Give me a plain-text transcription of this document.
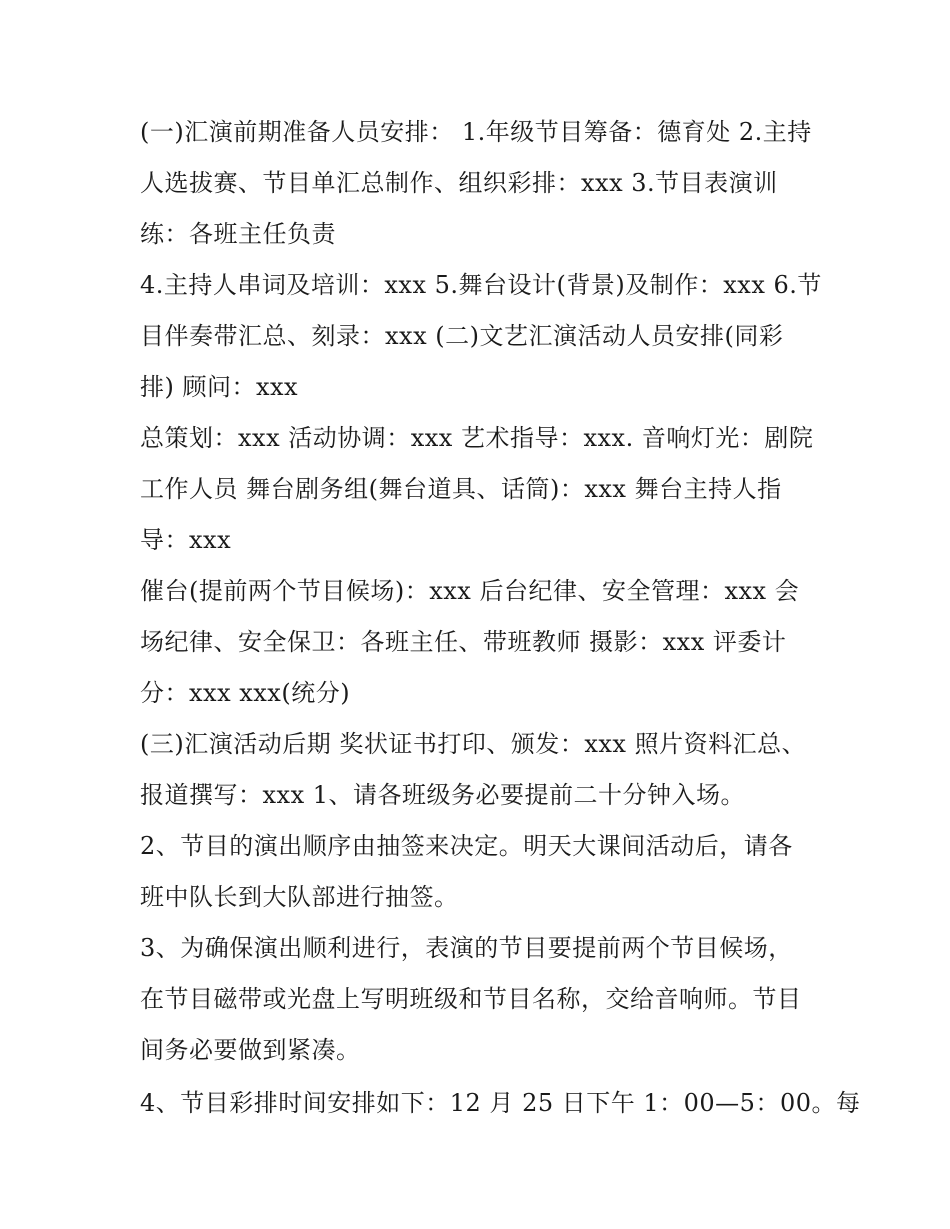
(一)汇演前期准备人员安排： 1.年级节目筹备：德育处 2.主持
人选拔赛、节目单汇总制作、组织彩排：xxx 3.节目表演训
练：各班主任负责
4.主持人串词及培训：xxx 5.舞台设计(背景)及制作：xxx 6.节
目伴奏带汇总、刻录：xxx (二)文艺汇演活动人员安排(同彩
排) 顾问：xxx
总策划：xxx 活动协调：xxx 艺术指导：xxx. 音响灯光：剧院
工作人员 舞台剧务组(舞台道具、话筒)：xxx 舞台主持人指
导：xxx
催台(提前两个节目候场)：xxx 后台纪律、安全管理：xxx 会
场纪律、安全保卫：各班主任、带班教师 摄影：xxx 评委计
分：xxx xxx(统分)
(三)汇演活动后期 奖状证书打印、颁发：xxx 照片资料汇总、
报道撰写：xxx 1、请各班级务必要提前二十分钟入场。
2、节目的演出顺序由抽签来决定。明天大课间活动后，请各
班中队长到大队部进行抽签。
3、为确保演出顺利进行，表演的节目要提前两个节目候场，
在节目磁带或光盘上写明班级和节目名称，交给音响师。节目
间务必要做到紧凑。
4、节目彩排时间安排如下：12 月 25 日下午 1：00—5：00。每
